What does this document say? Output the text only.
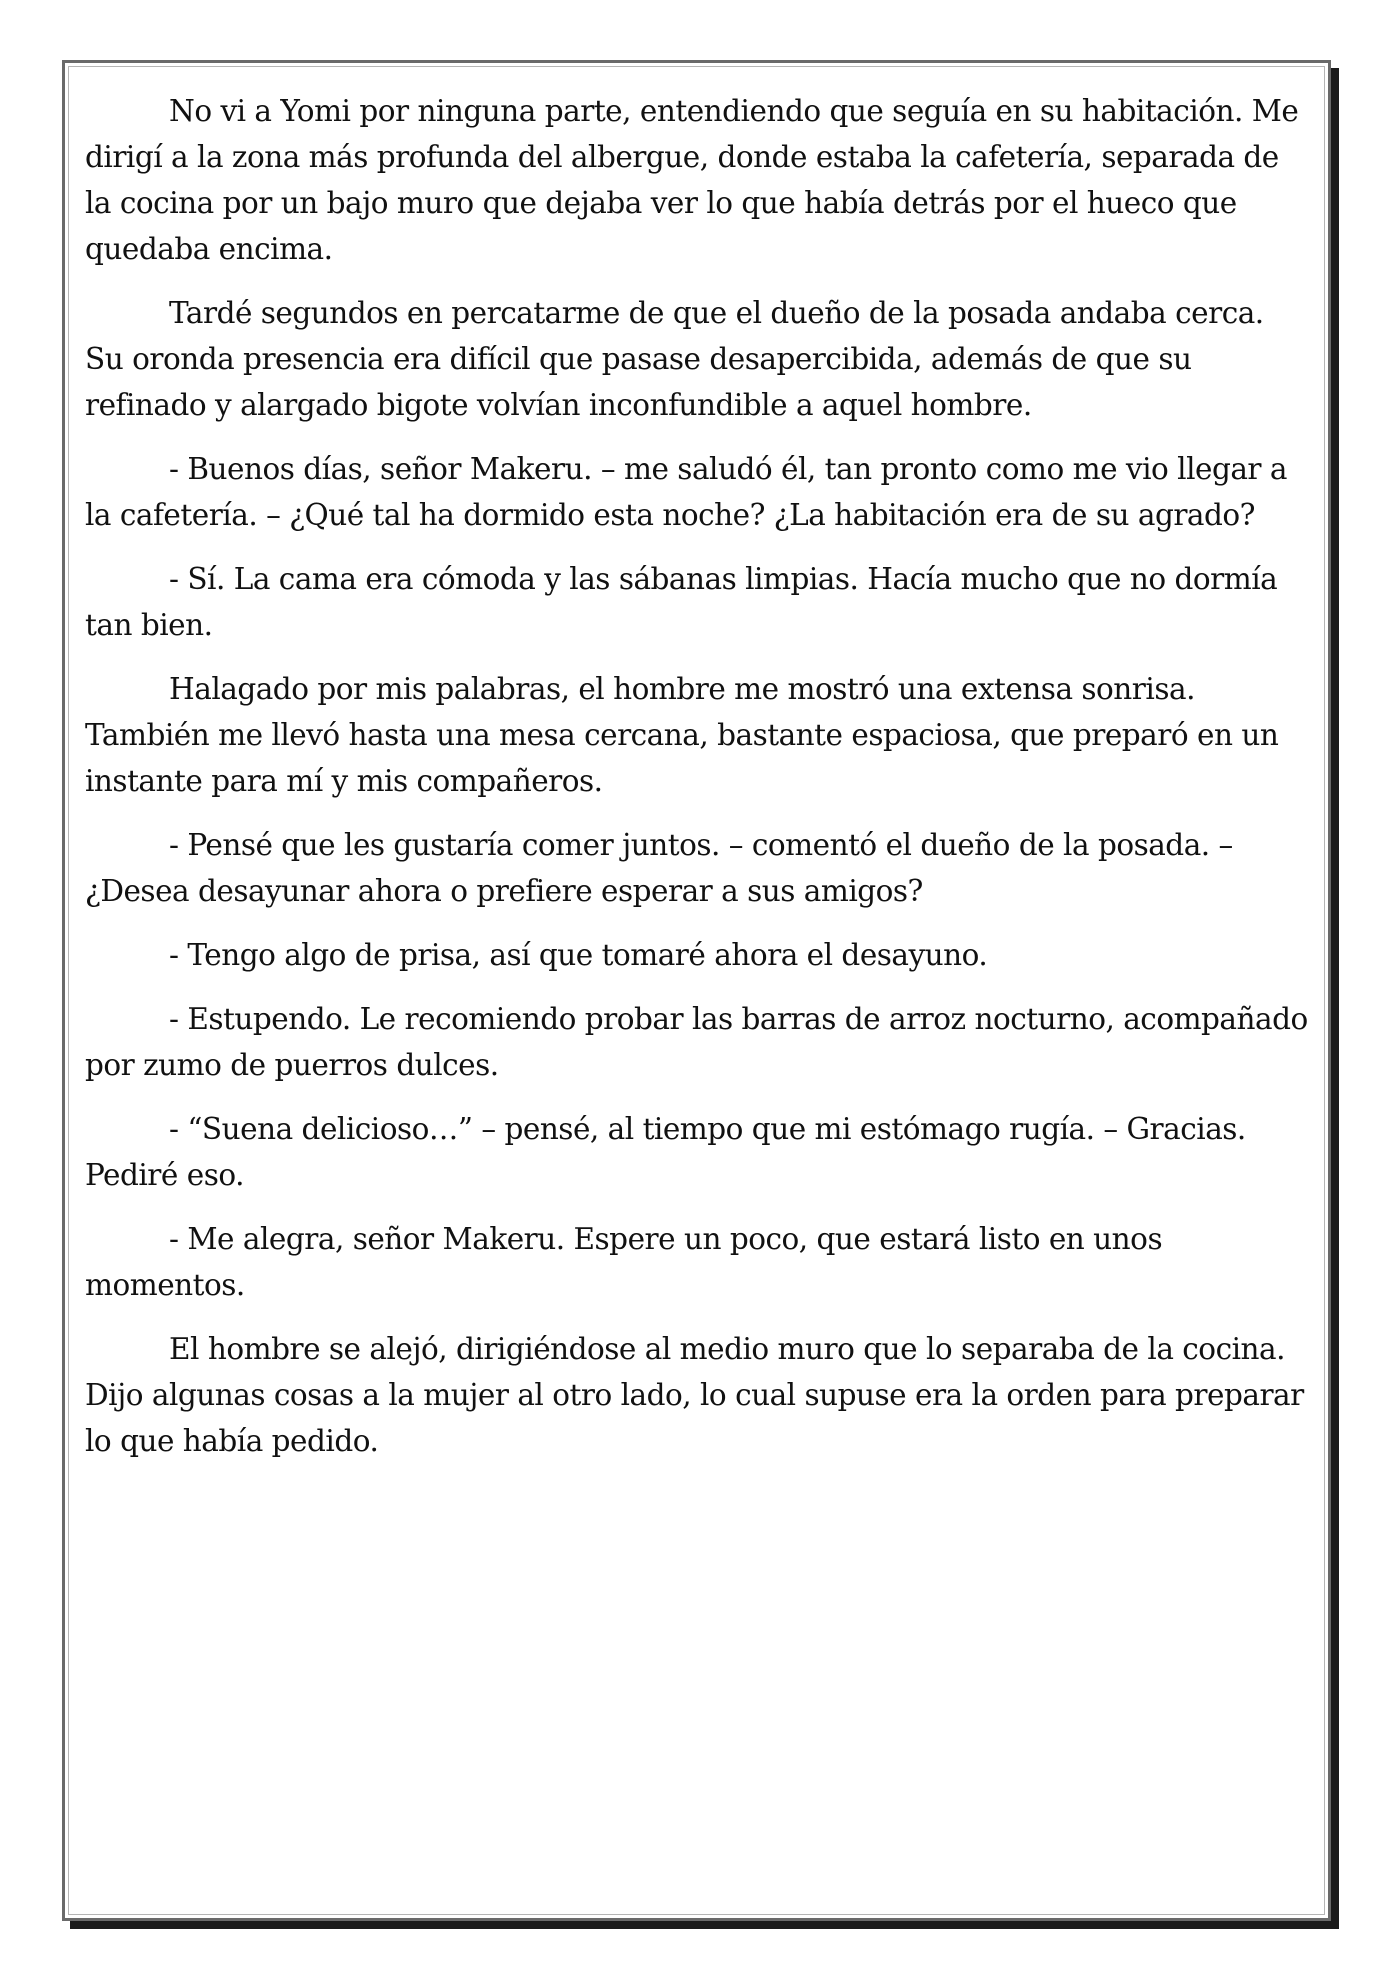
No vi a Yomi por ninguna parte, entendiendo que seguía en su habitación. Me dirigí a la zona más profunda del albergue, donde estaba la cafetería, separada de la cocina por un bajo muro que dejaba ver lo que había detrás por el hueco que quedaba encima.

Tardé segundos en percatarme de que el dueño de la posada andaba cerca. Su oronda presencia era difícil que pasase desapercibida, además de que su refinado y alargado bigote volvían inconfundible a aquel hombre.

- Buenos días, señor Makeru. – me saludó él, tan pronto como me vio llegar a la cafetería. – ¿Qué tal ha dormido esta noche? ¿La habitación era de su agrado?

- Sí. La cama era cómoda y las sábanas limpias. Hacía mucho que no dormía tan bien.

Halagado por mis palabras, el hombre me mostró una extensa sonrisa. También me llevó hasta una mesa cercana, bastante espaciosa, que preparó en un instante para mí y mis compañeros.

- Pensé que les gustaría comer juntos. – comentó el dueño de la posada. – ¿Desea desayunar ahora o prefiere esperar a sus amigos?

- Tengo algo de prisa, así que tomaré ahora el desayuno.

- Estupendo. Le recomiendo probar las barras de arroz nocturno, acompañado por zumo de puerros dulces.

- “Suena delicioso…” – pensé, al tiempo que mi estómago rugía. – Gracias. Pediré eso.

- Me alegra, señor Makeru. Espere un poco, que estará listo en unos momentos.

El hombre se alejó, dirigiéndose al medio muro que lo separaba de la cocina. Dijo algunas cosas a la mujer al otro lado, lo cual supuse era la orden para preparar lo que había pedido.
